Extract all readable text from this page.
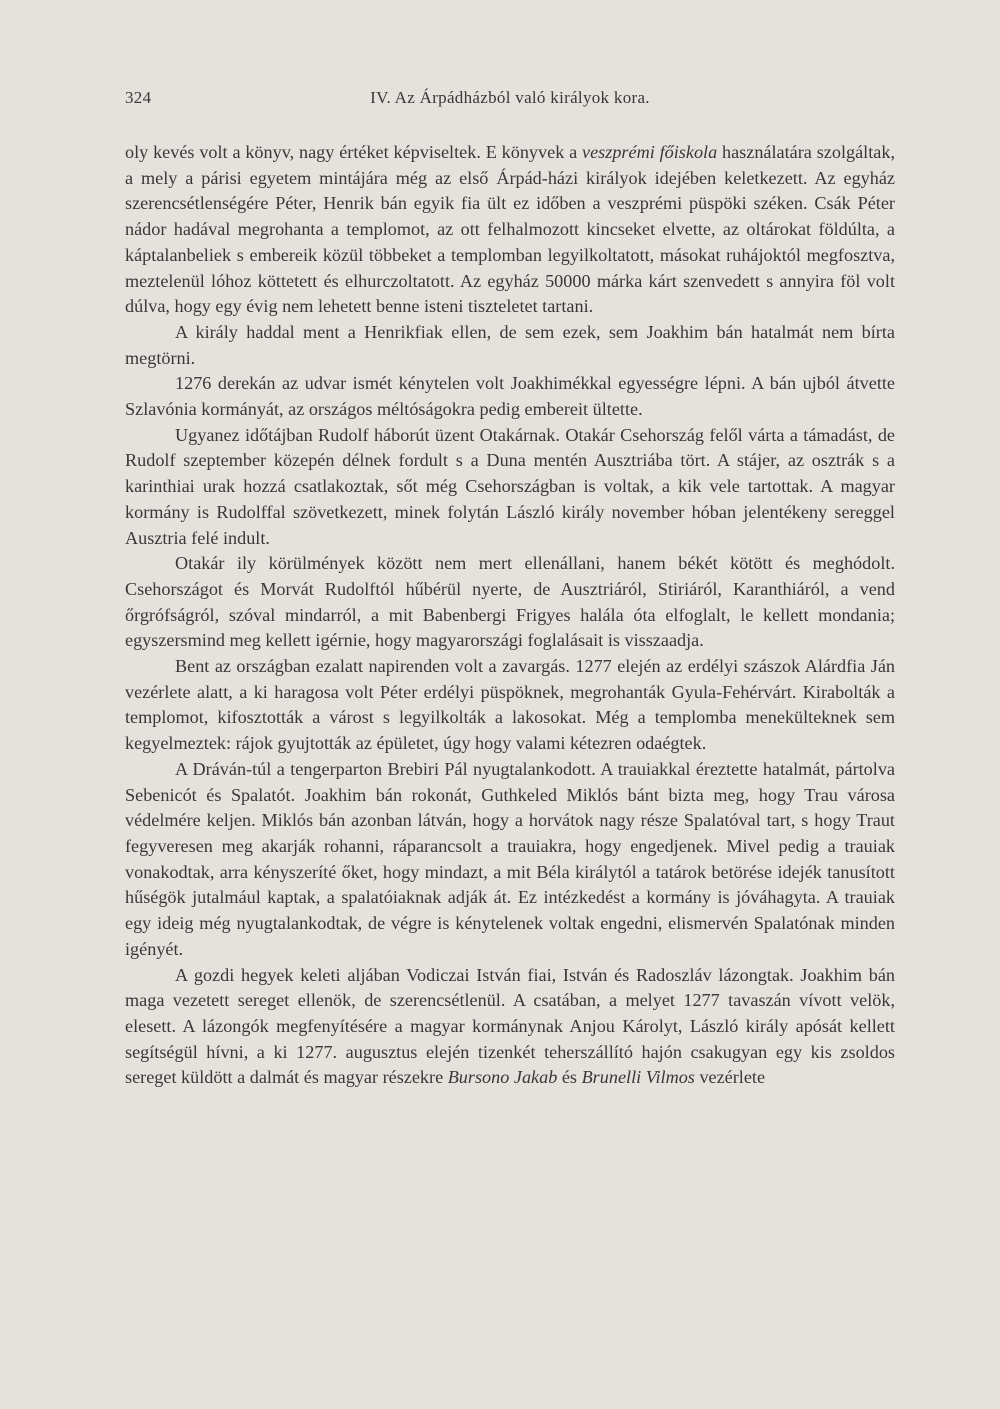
324	IV. Az Árpádházból való királyok kora.

oly kevés volt a könyv, nagy értéket képviseltek. E könyvek a veszprémi főiskola használatára szolgáltak, a mely a párisi egyetem mintájára még az első Árpád-házi királyok idejében keletkezett. Az egyház szerencsétlenségére Péter, Henrik bán egyik fia ült ez időben a veszprémi püspöki széken. Csák Péter nádor hadával megrohanta a templomot, az ott felhalmozott kincseket elvette, az oltárokat földúlta, a káptalanbeliek s embereik közül többeket a templomban legyilkoltatott, másokat ruhájoktól megfosztva, meztelenül lóhoz köttetett és elhurczoltatott. Az egyház 50000 márka kárt szenvedett s annyira föl volt dúlva, hogy egy évig nem lehetett benne isteni tiszteletet tartani.

A király haddal ment a Henrikfiak ellen, de sem ezek, sem Joakhim bán hatalmát nem bírta megtörni.

1276 derekán az udvar ismét kénytelen volt Joakhimékkal egyességre lépni. A bán ujból átvette Szlavónia kormányát, az országos méltóságokra pedig embereit ültette.

Ugyanez időtájban Rudolf háborút üzent Otakárnak. Otakár Csehország felől várta a támadást, de Rudolf szeptember közepén délnek fordult s a Duna mentén Ausztriába tört. A stájer, az osztrák s a karinthiai urak hozzá csatlakoztak, sőt még Csehországban is voltak, a kik vele tartottak. A magyar kormány is Rudolffal szövetkezett, minek folytán László király november hóban jelentékeny sereggel Ausztria felé indult.

Otakár ily körülmények között nem mert ellenállani, hanem békét kötött és meghódolt. Csehországot és Morvát Rudolftól hűbérül nyerte, de Ausztriáról, Stiriáról, Karanthiáról, a vend őrgrófságról, szóval mindarról, a mit Babenbergi Frigyes halála óta elfoglalt, le kellett mondania; egyszersmind meg kellett igérnie, hogy magyarországi foglalásait is visszaadja.

Bent az országban ezalatt napirenden volt a zavargás. 1277 elején az erdélyi szászok Alárdfia Ján vezérlete alatt, a ki haragosa volt Péter erdélyi püspöknek, megrohanták Gyula-Fehérvárt. Kirabolták a templomot, kifosztották a várost s legyilkolták a lakosokat. Még a templomba menekülteknek sem kegyelmeztek: rájok gyujtották az épületet, úgy hogy valami kétezren odaégtek.

A Dráván-túl a tengerparton Brebiri Pál nyugtalankodott. A trauiakkal éreztette hatalmát, pártolva Sebenicót és Spalatót. Joakhim bán rokonát, Guthkeled Miklós bánt bizta meg, hogy Trau városa védelmére keljen. Miklós bán azonban látván, hogy a horvátok nagy része Spalatóval tart, s hogy Traut fegyveresen meg akarják rohanni, ráparancsolt a trauiakra, hogy engedjenek. Mivel pedig a trauiak vonakodtak, arra kényszeríté őket, hogy mindazt, a mit Béla királytól a tatárok betörése idejék tanusított hűségök jutalmául kaptak, a spalatóiaknak adják át. Ez intézkedést a kormány is jóváhagyta. A trauiak egy ideig még nyugtalankodtak, de végre is kénytelenek voltak engedni, elismervén Spalatónak minden igényét.

A gozdi hegyek keleti aljában Vodiczai István fiai, István és Radoszláv lázongtak. Joakhim bán maga vezetett sereget ellenök, de szerencsétlenül. A csatában, a melyet 1277 tavaszán vívott velök, elesett. A lázongók megfenyítésére a magyar kormánynak Anjou Károlyt, László király apósát kellett segítségül hívni, a ki 1277. augusztus elején tizenkét teherszállító hajón csakugyan egy kis zsoldos sereget küldött a dalmát és magyar részekre Bursono Jakab és Brunelli Vilmos vezérlete
